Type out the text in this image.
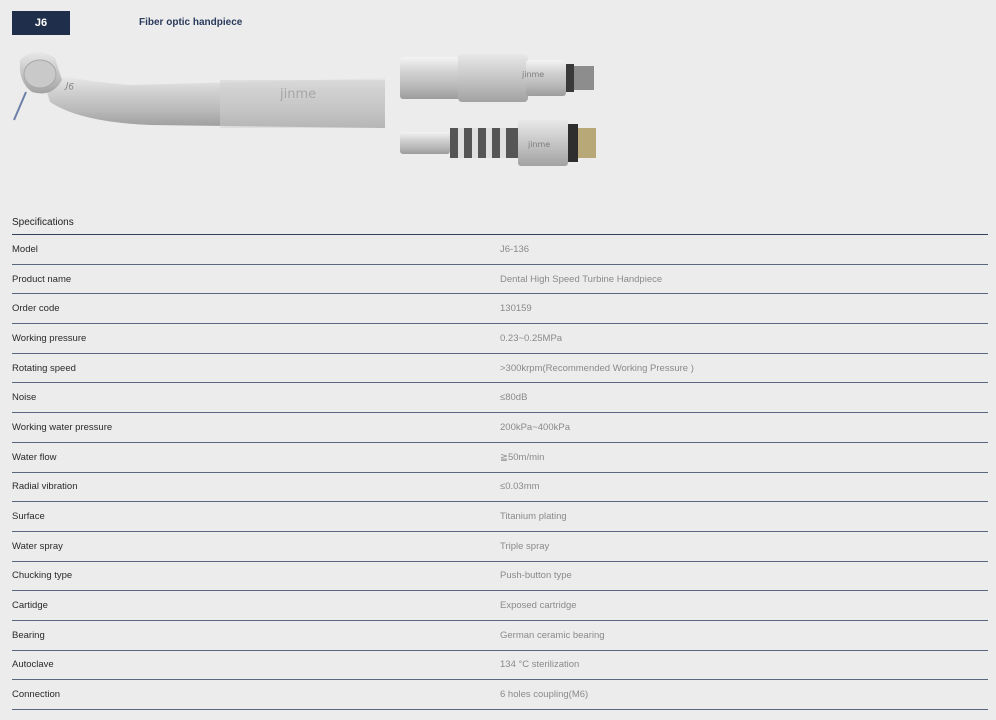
J6	Fiber optic handpiece
jinme
J6
jinme
jinme
Specifications
Model	J6-136
Product name	Dental High Speed Turbine Handpiece
Order code	130159
Working pressure	0.23~0.25MPa
Rotating speed	>300krpm(Recommended Working Pressure )
Noise	≤80dB
Working water pressure	200kPa~400kPa
Water flow	≧50m/min
Radial vibration	≤0.03mm
Surface	Titanium plating
Water spray	Triple spray
Chucking type	Push-button type
Cartidge	Exposed cartridge
Bearing	German ceramic bearing
Autoclave	134 °C sterilization
Connection	6 holes coupling(M6)
